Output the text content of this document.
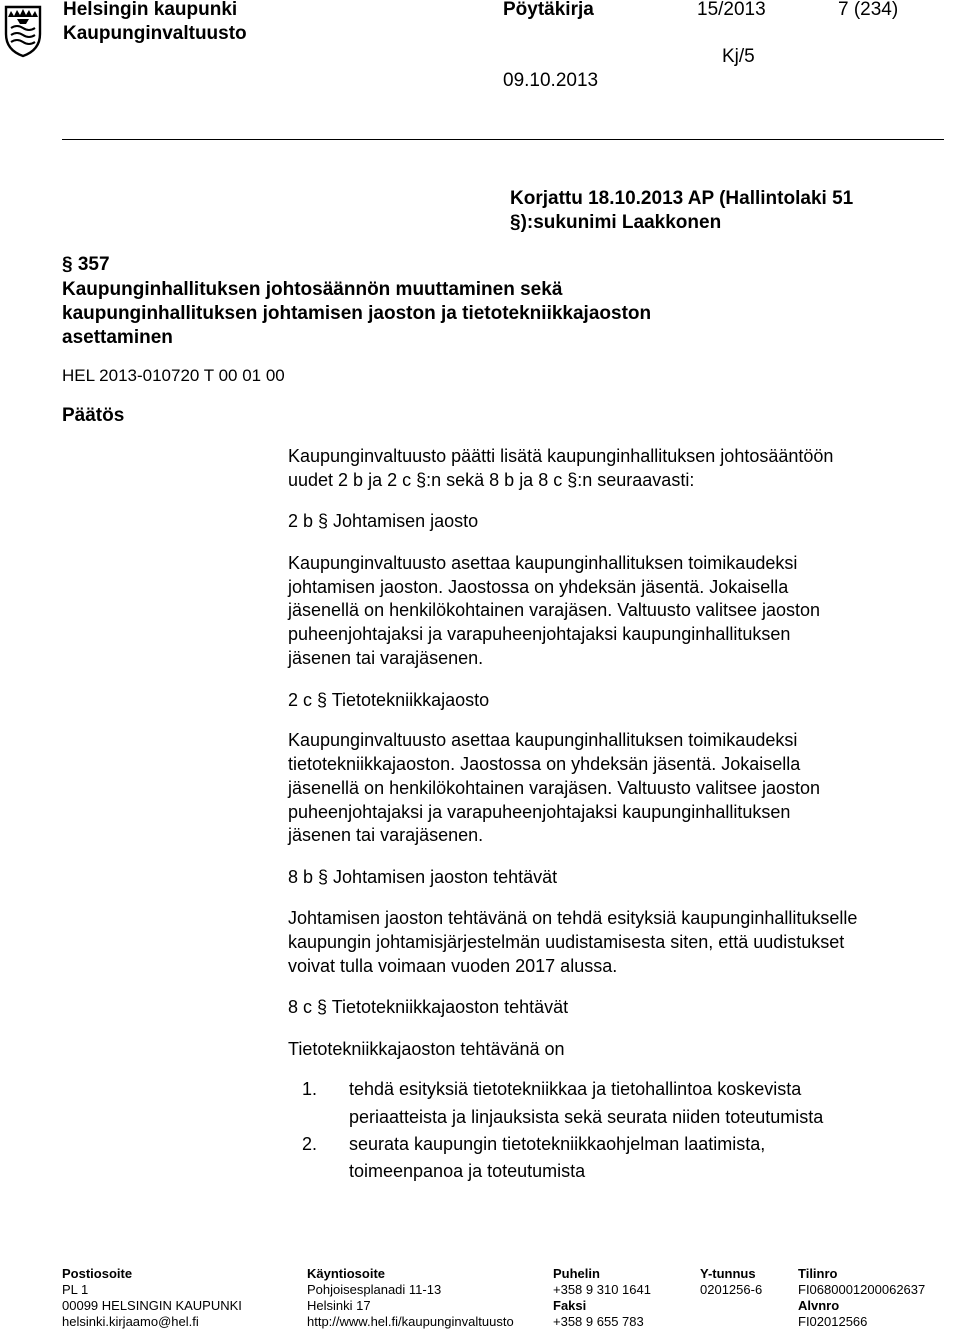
Helsingin kaupunki
Kaupunginvaltuusto
Pöytäkirja	15/2013	7 (234)
Kj/5
09.10.2013
Korjattu 18.10.2013 AP (Hallintolaki 51
§):sukunimi Laakkonen
§ 357
Kaupunginhallituksen johtosäännön muuttaminen sekä
kaupunginhallituksen johtamisen jaoston ja tietotekniikkajaoston
asettaminen
HEL 2013-010720 T 00 01 00
Päätös
Kaupunginvaltuusto päätti lisätä kaupunginhallituksen johtosääntöön
uudet 2 b ja 2 c §:n sekä 8 b ja 8 c §:n seuraavasti:
2 b § Johtamisen jaosto
Kaupunginvaltuusto asettaa kaupunginhallituksen toimikaudeksi
johtamisen jaoston. Jaostossa on yhdeksän jäsentä. Jokaisella
jäsenellä on henkilökohtainen varajäsen. Valtuusto valitsee jaoston
puheenjohtajaksi ja varapuheenjohtajaksi kaupunginhallituksen
jäsenen tai varajäsenen.
2 c § Tietotekniikkajaosto
Kaupunginvaltuusto asettaa kaupunginhallituksen toimikaudeksi
tietotekniikkajaoston. Jaostossa on yhdeksän jäsentä. Jokaisella
jäsenellä on henkilökohtainen varajäsen. Valtuusto valitsee jaoston
puheenjohtajaksi ja varapuheenjohtajaksi kaupunginhallituksen
jäsenen tai varajäsenen.
8 b § Johtamisen jaoston tehtävät
Johtamisen jaoston tehtävänä on tehdä esityksiä kaupunginhallitukselle
kaupungin johtamisjärjestelmän uudistamisesta siten, että uudistukset
voivat tulla voimaan vuoden 2017 alussa.
8 c § Tietotekniikkajaoston tehtävät
Tietotekniikkajaoston tehtävänä on
1. tehdä esityksiä tietotekniikkaa ja tietohallintoa koskevista
periaatteista ja linjauksista sekä seurata niiden toteutumista
2. seurata kaupungin tietotekniikkaohjelman laatimista,
toimeenpanoa ja toteutumista
Postiosoite
PL 1
00099 HELSINGIN KAUPUNKI
helsinki.kirjaamo@hel.fi
Käyntiosoite
Pohjoisesplanadi 11-13
Helsinki 17
http://www.hel.fi/kaupunginvaltuusto
Puhelin
+358 9 310 1641
Faksi
+358 9 655 783
Y-tunnus
0201256-6
Tilinro
FI0680001200062637
Alvnro
FI02012566
